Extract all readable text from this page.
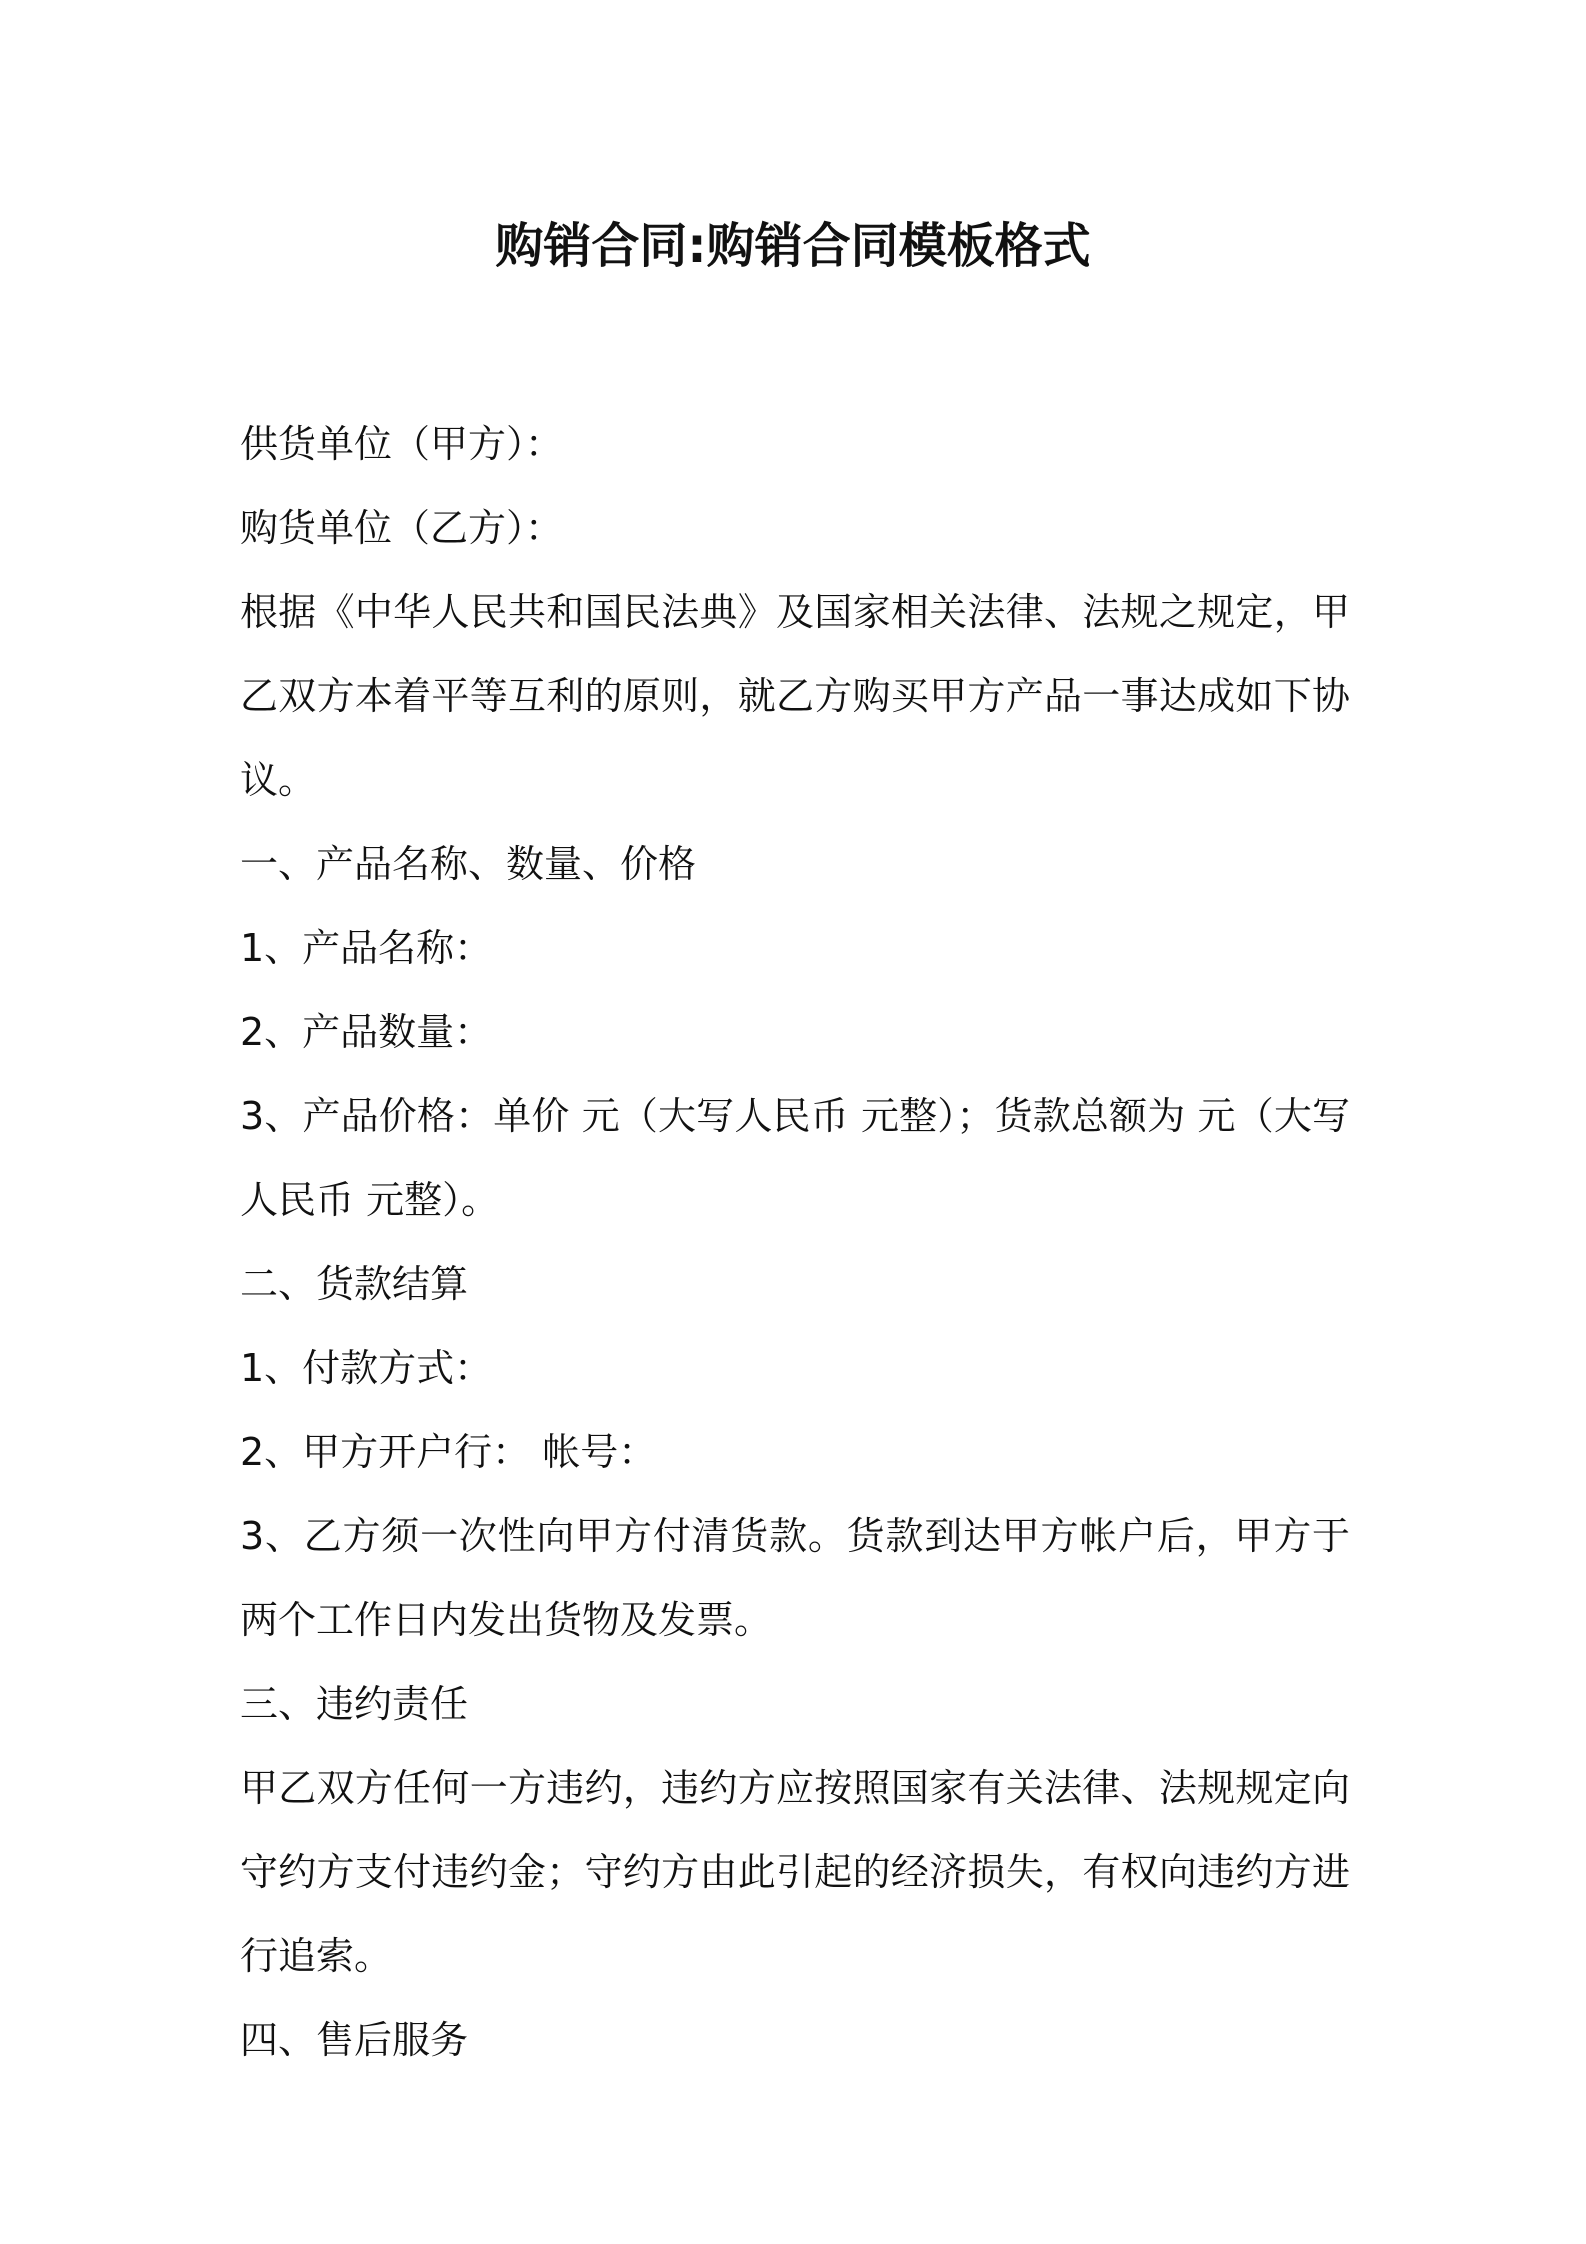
购销合同:购销合同模板格式

供货单位（甲方）：

购货单位（乙方）：

根据《中华人民共和国民法典》及国家相关法律、法规之规定，甲乙双方本着平等互利的原则，就乙方购买甲方产品一事达成如下协议。

一、产品名称、数量、价格

1、产品名称：

2、产品数量：

3、产品价格：单价 元（大写人民币 元整）；货款总额为 元（大写人民币 元整）。

二、货款结算

1、付款方式：

2、甲方开户行： 帐号：

3、乙方须一次性向甲方付清货款。货款到达甲方帐户后，甲方于两个工作日内发出货物及发票。

三、违约责任

甲乙双方任何一方违约，违约方应按照国家有关法律、法规规定向守约方支付违约金；守约方由此引起的经济损失，有权向违约方进行追索。

四、售后服务
